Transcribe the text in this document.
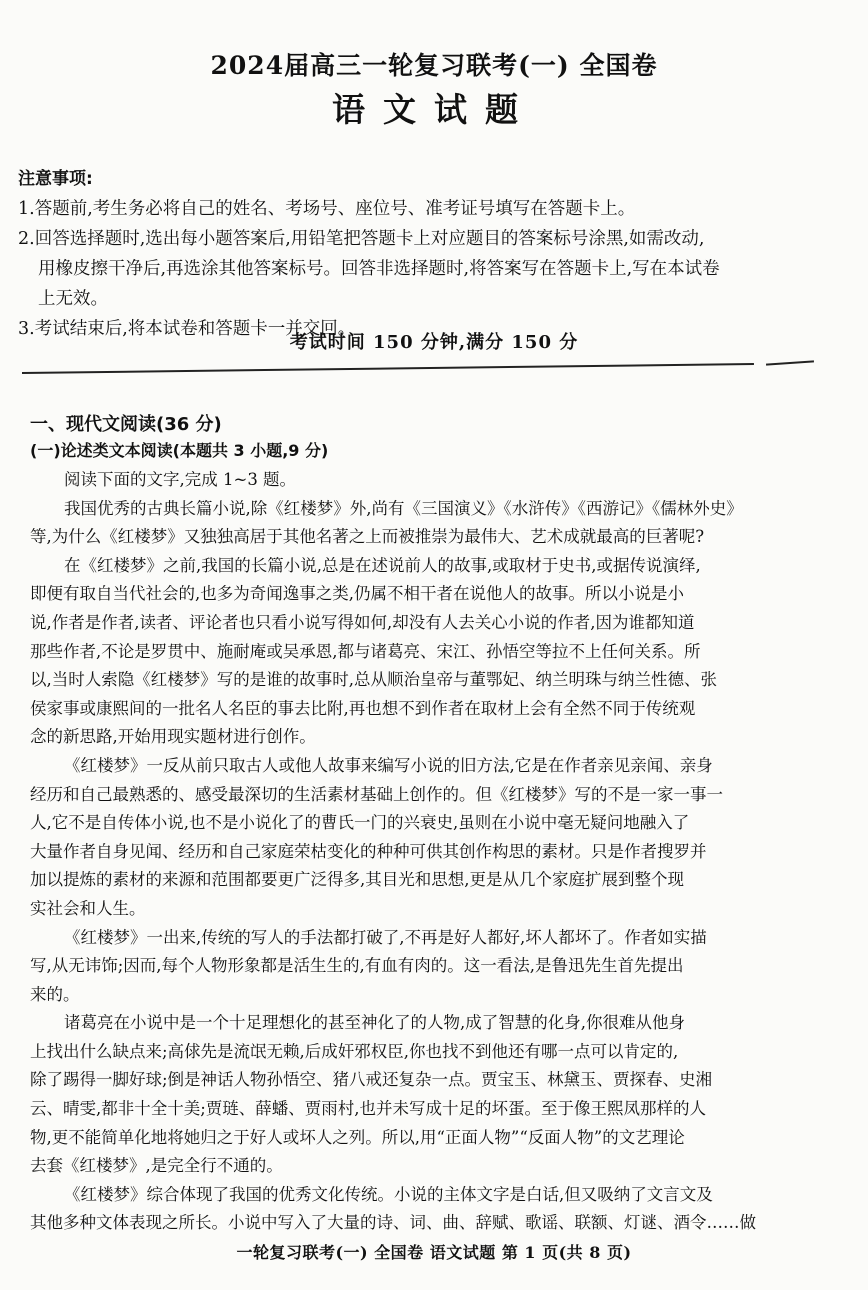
2024届高三一轮复习联考(一) 全国卷
语文试题
注意事项:
1.答题前,考生务必将自己的姓名、考场号、座位号、准考证号填写在答题卡上。
2.回答选择题时,选出每小题答案后,用铅笔把答题卡上对应题目的答案标号涂黑,如需改动,
用橡皮擦干净后,再选涂其他答案标号。回答非选择题时,将答案写在答题卡上,写在本试卷
上无效。
3.考试结束后,将本试卷和答题卡一并交回。
考试时间 150 分钟,满分 150 分
一、现代文阅读(36 分)
(一)论述类文本阅读(本题共 3 小题,9 分)
阅读下面的文字,完成 1~3 题。
我国优秀的古典长篇小说,除《红楼梦》外,尚有《三国演义》《水浒传》《西游记》《儒林外史》
等,为什么《红楼梦》又独独高居于其他名著之上而被推崇为最伟大、艺术成就最高的巨著呢?
在《红楼梦》之前,我国的长篇小说,总是在述说前人的故事,或取材于史书,或据传说演绎,
即便有取自当代社会的,也多为奇闻逸事之类,仍属不相干者在说他人的故事。所以小说是小
说,作者是作者,读者、评论者也只看小说写得如何,却没有人去关心小说的作者,因为谁都知道
那些作者,不论是罗贯中、施耐庵或吴承恩,都与诸葛亮、宋江、孙悟空等拉不上任何关系。所
以,当时人索隐《红楼梦》写的是谁的故事时,总从顺治皇帝与董鄂妃、纳兰明珠与纳兰性德、张
侯家事或康熙间的一批名人名臣的事去比附,再也想不到作者在取材上会有全然不同于传统观
念的新思路,开始用现实题材进行创作。
《红楼梦》一反从前只取古人或他人故事来编写小说的旧方法,它是在作者亲见亲闻、亲身
经历和自己最熟悉的、感受最深切的生活素材基础上创作的。但《红楼梦》写的不是一家一事一
人,它不是自传体小说,也不是小说化了的曹氏一门的兴衰史,虽则在小说中毫无疑问地融入了
大量作者自身见闻、经历和自己家庭荣枯变化的种种可供其创作构思的素材。只是作者搜罗并
加以提炼的素材的来源和范围都要更广泛得多,其目光和思想,更是从几个家庭扩展到整个现
实社会和人生。
《红楼梦》一出来,传统的写人的手法都打破了,不再是好人都好,坏人都坏了。作者如实描
写,从无讳饰;因而,每个人物形象都是活生生的,有血有肉的。这一看法,是鲁迅先生首先提出
来的。
诸葛亮在小说中是一个十足理想化的甚至神化了的人物,成了智慧的化身,你很难从他身
上找出什么缺点来;高俅先是流氓无赖,后成奸邪权臣,你也找不到他还有哪一点可以肯定的,
除了踢得一脚好球;倒是神话人物孙悟空、猪八戒还复杂一点。贾宝玉、林黛玉、贾探春、史湘
云、晴雯,都非十全十美;贾琏、薛蟠、贾雨村,也并未写成十足的坏蛋。至于像王熙凤那样的人
物,更不能简单化地将她归之于好人或坏人之列。所以,用“正面人物”“反面人物”的文艺理论
去套《红楼梦》,是完全行不通的。
《红楼梦》综合体现了我国的优秀文化传统。小说的主体文字是白话,但又吸纳了文言文及
其他多种文体表现之所长。小说中写入了大量的诗、词、曲、辞赋、歌谣、联额、灯谜、酒令……做
一轮复习联考(一) 全国卷 语文试题 第 1 页(共 8 页)
